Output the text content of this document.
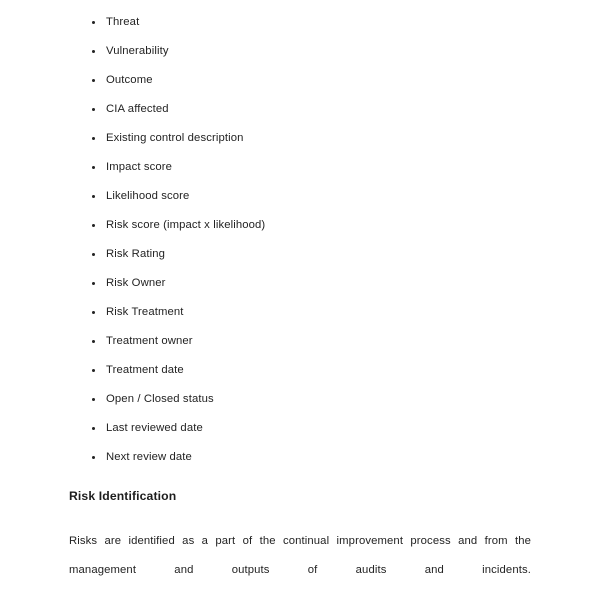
Threat
Vulnerability
Outcome
CIA affected
Existing control description
Impact score
Likelihood score
Risk score (impact x likelihood)
Risk Rating
Risk Owner
Risk Treatment
Treatment owner
Treatment date
Open / Closed status
Last reviewed date
Next review date
Risk Identification

Risks are identified as a part of the continual improvement process and from the management and outputs of audits and incidents.
